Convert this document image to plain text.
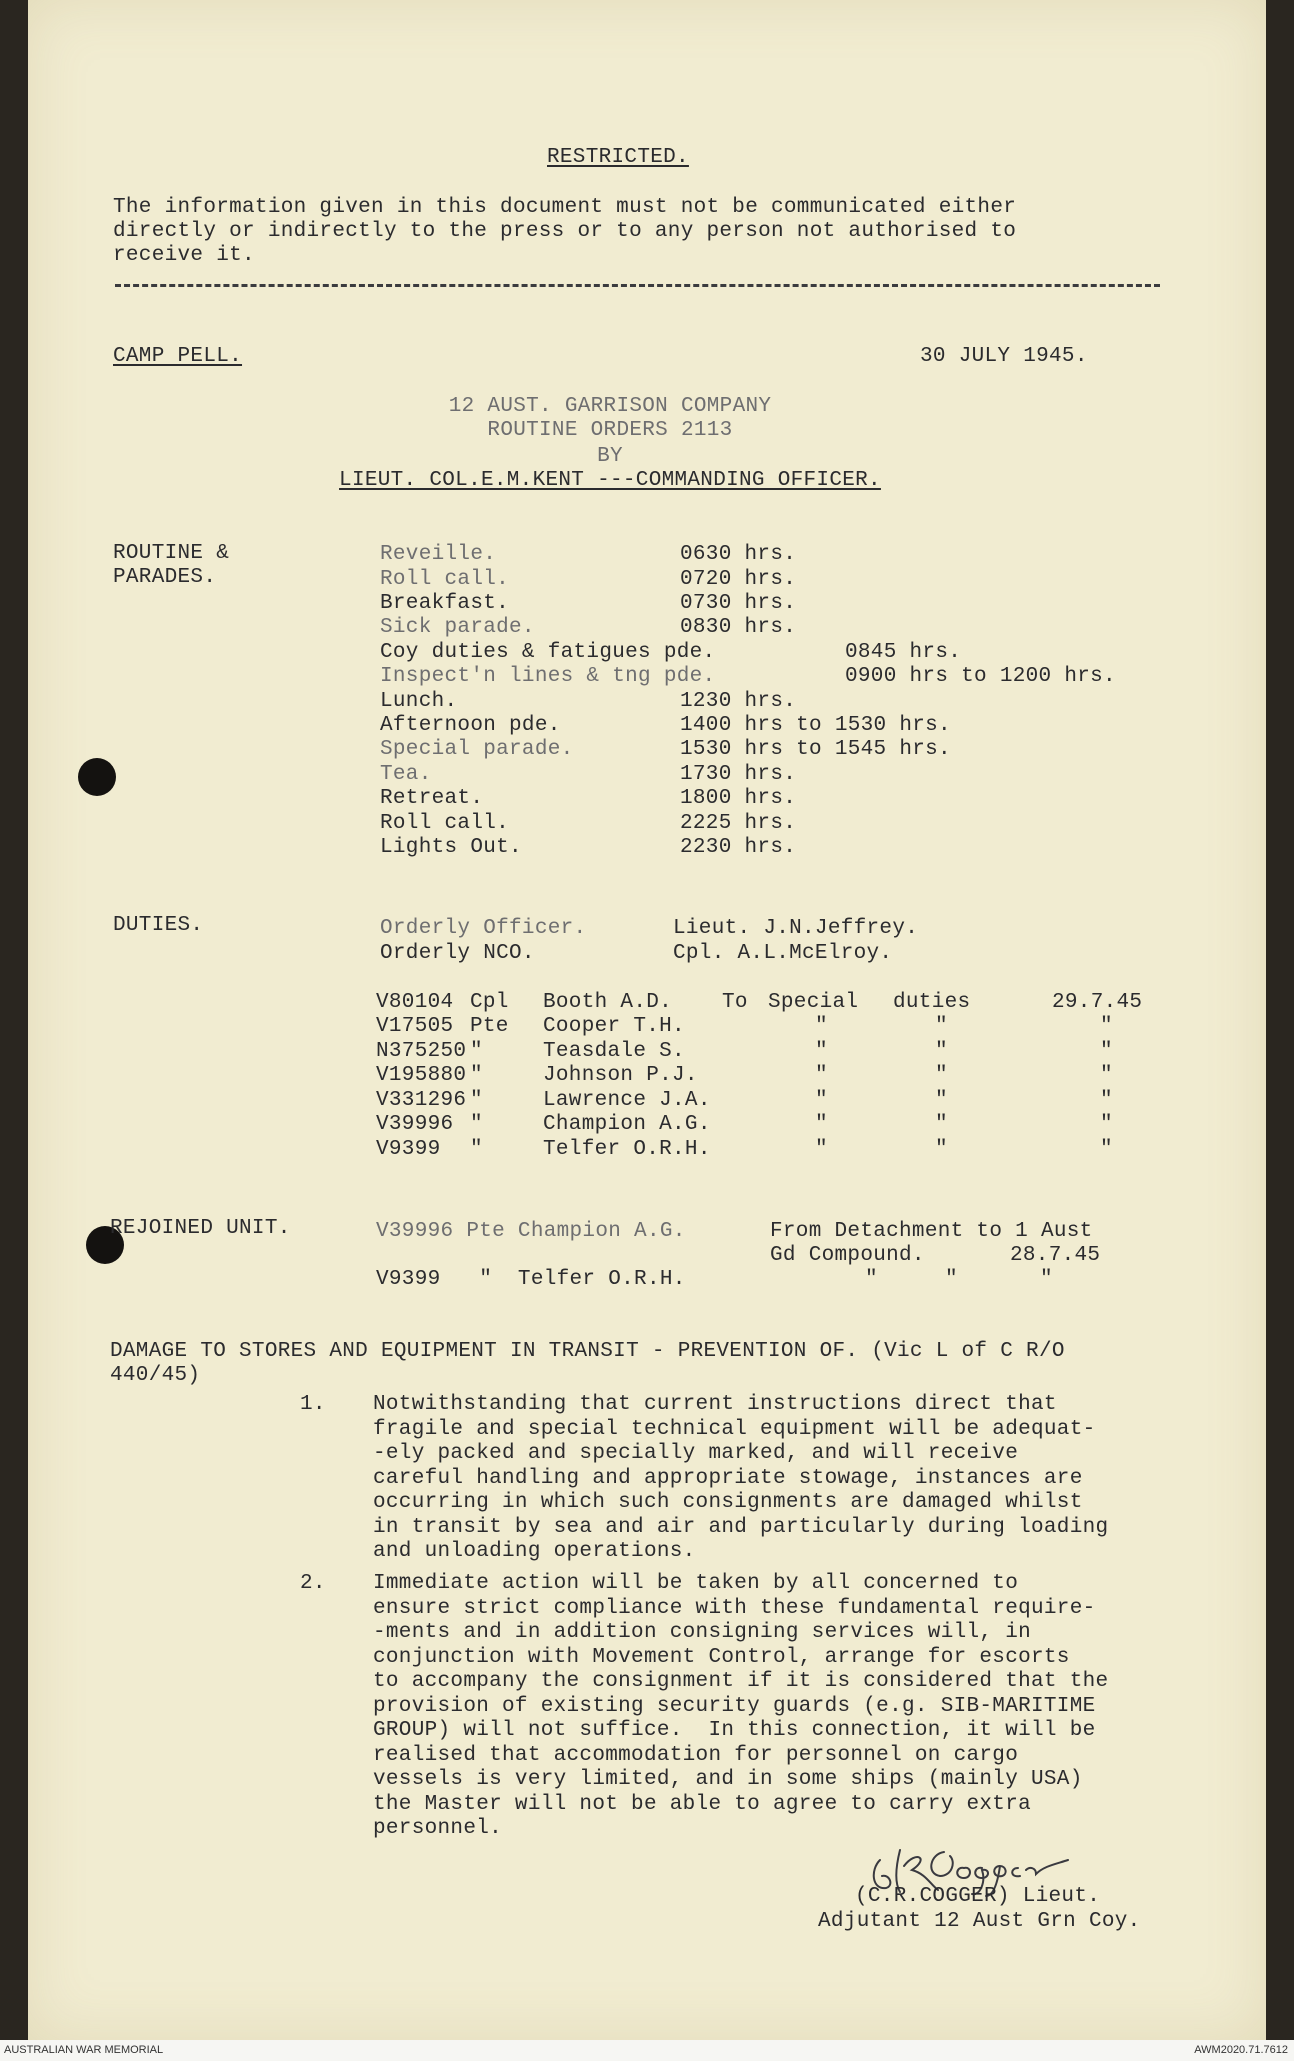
RESTRICTED.
The information given in this document must not be communicated either
directly or indirectly to the press or to any person not authorised to
receive it.
CAMP PELL.	30 JULY 1945.
12 AUST. GARRISON COMPANY
ROUTINE ORDERS 2113
BY
LIEUT. COL.E.M.KENT ---COMMANDING OFFICER.
ROUTINE &
PARADES.
Reveille.	0630 hrs.
Roll call.	0720 hrs.
Breakfast.	0730 hrs.
Sick parade.	0830 hrs.
Coy duties & fatigues pde.	0845 hrs.
Inspect'n lines & tng pde.	0900 hrs to 1200 hrs.
Lunch.	1230 hrs.
Afternoon pde.	1400 hrs to 1530 hrs.
Special parade.	1530 hrs to 1545 hrs.
Tea.	1730 hrs.
Retreat.	1800 hrs.
Roll call.	2225 hrs.
Lights Out.	2230 hrs.
DUTIES.	Orderly Officer.	Lieut. J.N.Jeffrey.
Orderly NCO.	Cpl. A.L.McElroy.
V80104 Cpl Booth A.D. To Special duties	29.7.45
V17505 Pte Cooper T.H.	"	"	"
N375250 "	Teasdale S.	"	"	"
V195880 "	Johnson P.J.	"	"	"
V331296 "	Lawrence J.A.	"	"	"
V39996 "	Champion A.G.	"	"	"
V9399 "	Telfer O.R.H.	"	"	"
REJOINED UNIT.	V39996 Pte Champion A.G.	From Detachment to 1 Aust
Gd Compound.	28.7.45
V9399   "  Telfer O.R.H.	"	"	"
DAMAGE TO STORES AND EQUIPMENT IN TRANSIT - PREVENTION OF. (Vic L of C R/O
440/45)
1. Notwithstanding that current instructions direct that
fragile and special technical equipment will be adequat-
-ely packed and specially marked, and will receive
careful handling and appropriate stowage, instances are
occurring in which such consignments are damaged whilst
in transit by sea and air and particularly during loading
and unloading operations.
2. Immediate action will be taken by all concerned to
ensure strict compliance with these fundamental require-
-ments and in addition consigning services will, in
conjunction with Movement Control, arrange for escorts
to accompany the consignment if it is considered that the
provision of existing security guards (e.g. SIB-MARITIME
GROUP) will not suffice.  In this connection, it will be
realised that accommodation for personnel on cargo
vessels is very limited, and in some ships (mainly USA)
the Master will not be able to agree to carry extra
personnel.
(C.R.COGGER) Lieut.
Adjutant 12 Aust Grn Coy.
AUSTRALIAN WAR MEMORIAL	AWM2020.71.7612
